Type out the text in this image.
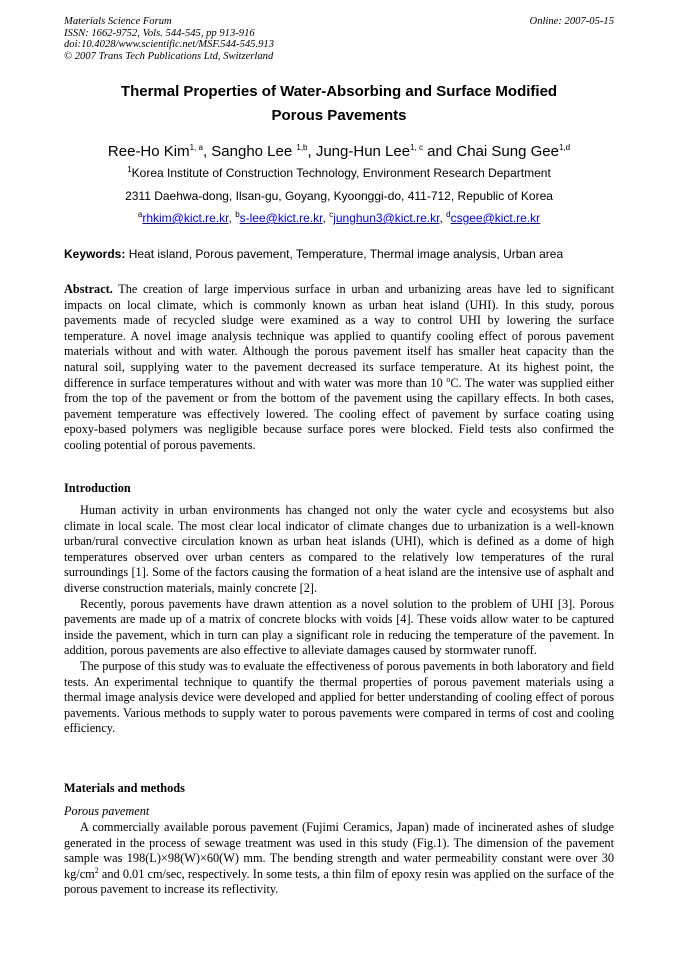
Materials Science Forum
ISSN: 1662-9752, Vols. 544-545, pp 913-916
doi:10.4028/www.scientific.net/MSF.544-545.913
© 2007 Trans Tech Publications Ltd, Switzerland
Online: 2007-05-15
Thermal Properties of Water-Absorbing and Surface Modified
Porous Pavements
Ree-Ho Kim$^{1, a}$, Sangho Lee $^{1,b}$, Jung-Hun Lee$^{1, c}$ and Chai Sung Gee$^{1,d}$
$^1$Korea Institute of Construction Technology, Environment Research Department
2311 Daehwa-dong, Ilsan-gu, Goyang, Kyoonggi-do, 411-712, Republic of Korea
$^a$rhkim@kict.re.kr, $^b$s-lee@kict.re.kr, $^c$junghun3@kict.re.kr, $^d$csgee@kict.re.kr
Keywords: Heat island, Porous pavement, Temperature, Thermal image analysis, Urban area

Abstract. The creation of large impervious surface in urban and urbanizing areas have led to significant impacts on local climate, which is commonly known as urban heat island (UHI). In this study, porous pavements made of recycled sludge were examined as a way to control UHI by lowering the surface temperature. A novel image analysis technique was applied to quantify cooling effect of porous pavement materials without and with water. Although the porous pavement itself has smaller heat capacity than the natural soil, supplying water to the pavement decreased its surface temperature. At its highest point, the difference in surface temperatures without and with water was more than 10 $^o$C. The water was supplied either from the top of the pavement or from the bottom of the pavement using the capillary effects. In both cases, pavement temperature was effectively lowered. The cooling effect of pavement by surface coating using epoxy-based polymers was negligible because surface pores were blocked. Field tests also confirmed the cooling potential of porous pavements.

Introduction

Human activity in urban environments has changed not only the water cycle and ecosystems but also climate in local scale. The most clear local indicator of climate changes due to urbanization is a well-known urban/rural convective circulation known as urban heat islands (UHI), which is defined as a dome of high temperatures observed over urban centers as compared to the relatively low temperatures of the rural surroundings [1]. Some of the factors causing the formation of a heat island are the intensive use of asphalt and diverse construction materials, mainly concrete [2].

Recently, porous pavements have drawn attention as a novel solution to the problem of UHI [3]. Porous pavements are made up of a matrix of concrete blocks with voids [4]. These voids allow water to be captured inside the pavement, which in turn can play a significant role in reducing the temperature of the pavement. In addition, porous pavements are also effective to alleviate damages caused by stormwater runoff.

The purpose of this study was to evaluate the effectiveness of porous pavements in both laboratory and field tests. An experimental technique to quantify the thermal properties of porous pavement materials using a thermal image analysis device were developed and applied for better understanding of cooling effect of porous pavements. Various methods to supply water to porous pavements were compared in terms of cost and cooling efficiency.

Materials and methods
Porous pavement

A commercially available porous pavement (Fujimi Ceramics, Japan) made of incinerated ashes of sludge generated in the process of sewage treatment was used in this study (Fig.1). The dimension of the pavement sample was 198(L)×98(W)×60(W) mm. The bending strength and water permeability constant were over 30 $kg/cm^2$ and 0.01 cm/sec, respectively. In some tests, a thin film of epoxy resin was applied on the surface of the porous pavement to increase its reflectivity.
